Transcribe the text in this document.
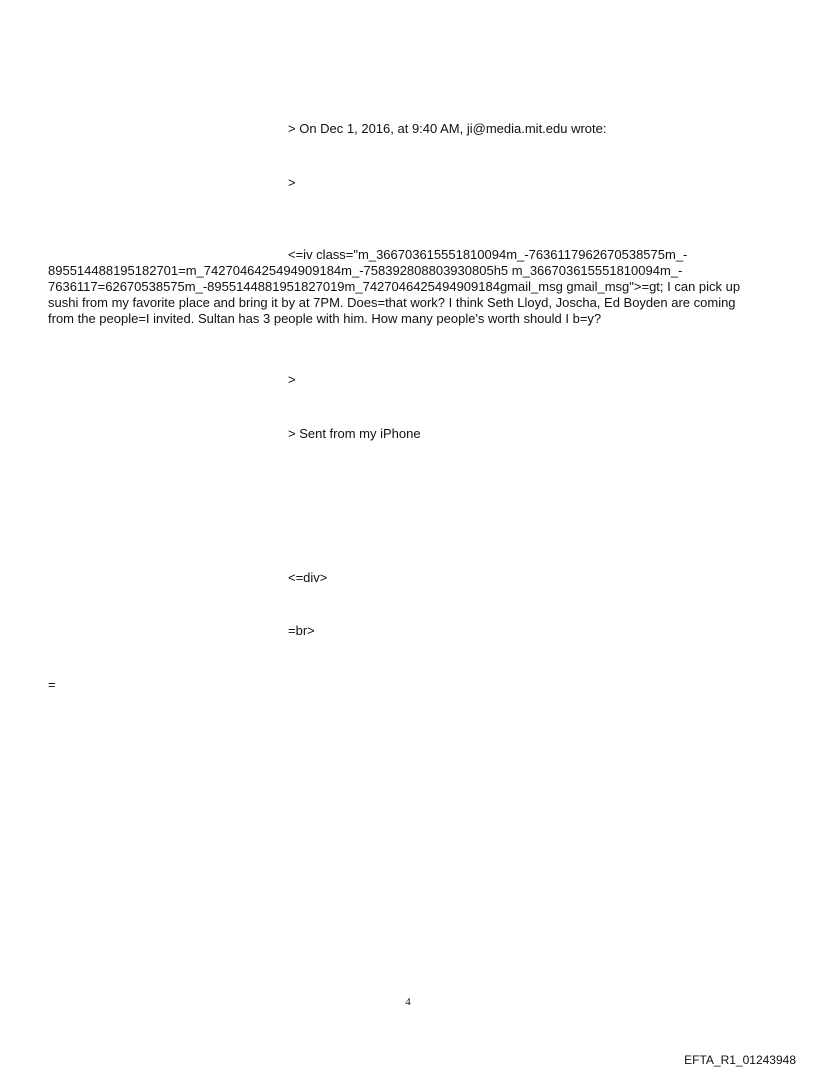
> On Dec 1, 2016, at 9:40 AM, ji@media.mit.edu wrote:
>
<=iv class="m_366703615551810094m_-7636117962670538575m_-
895514488195182701=m_7427046425494909184m_-758392808803930805h5 m_366703615551810094m_-
7636117=62670538575m_-8955144881951827019m_7427046425494909184gmail_msg gmail_msg">=gt; I can pick up
sushi from my favorite place and bring it by at 7PM. Does=that work? I think Seth Lloyd, Joscha, Ed Boyden are coming
from the people=I invited. Sultan has 3 people with him. How many people's worth should I b=y?
>
> Sent from my iPhone
<=div>
=br>
=
4
EFTA_R1_01243948
